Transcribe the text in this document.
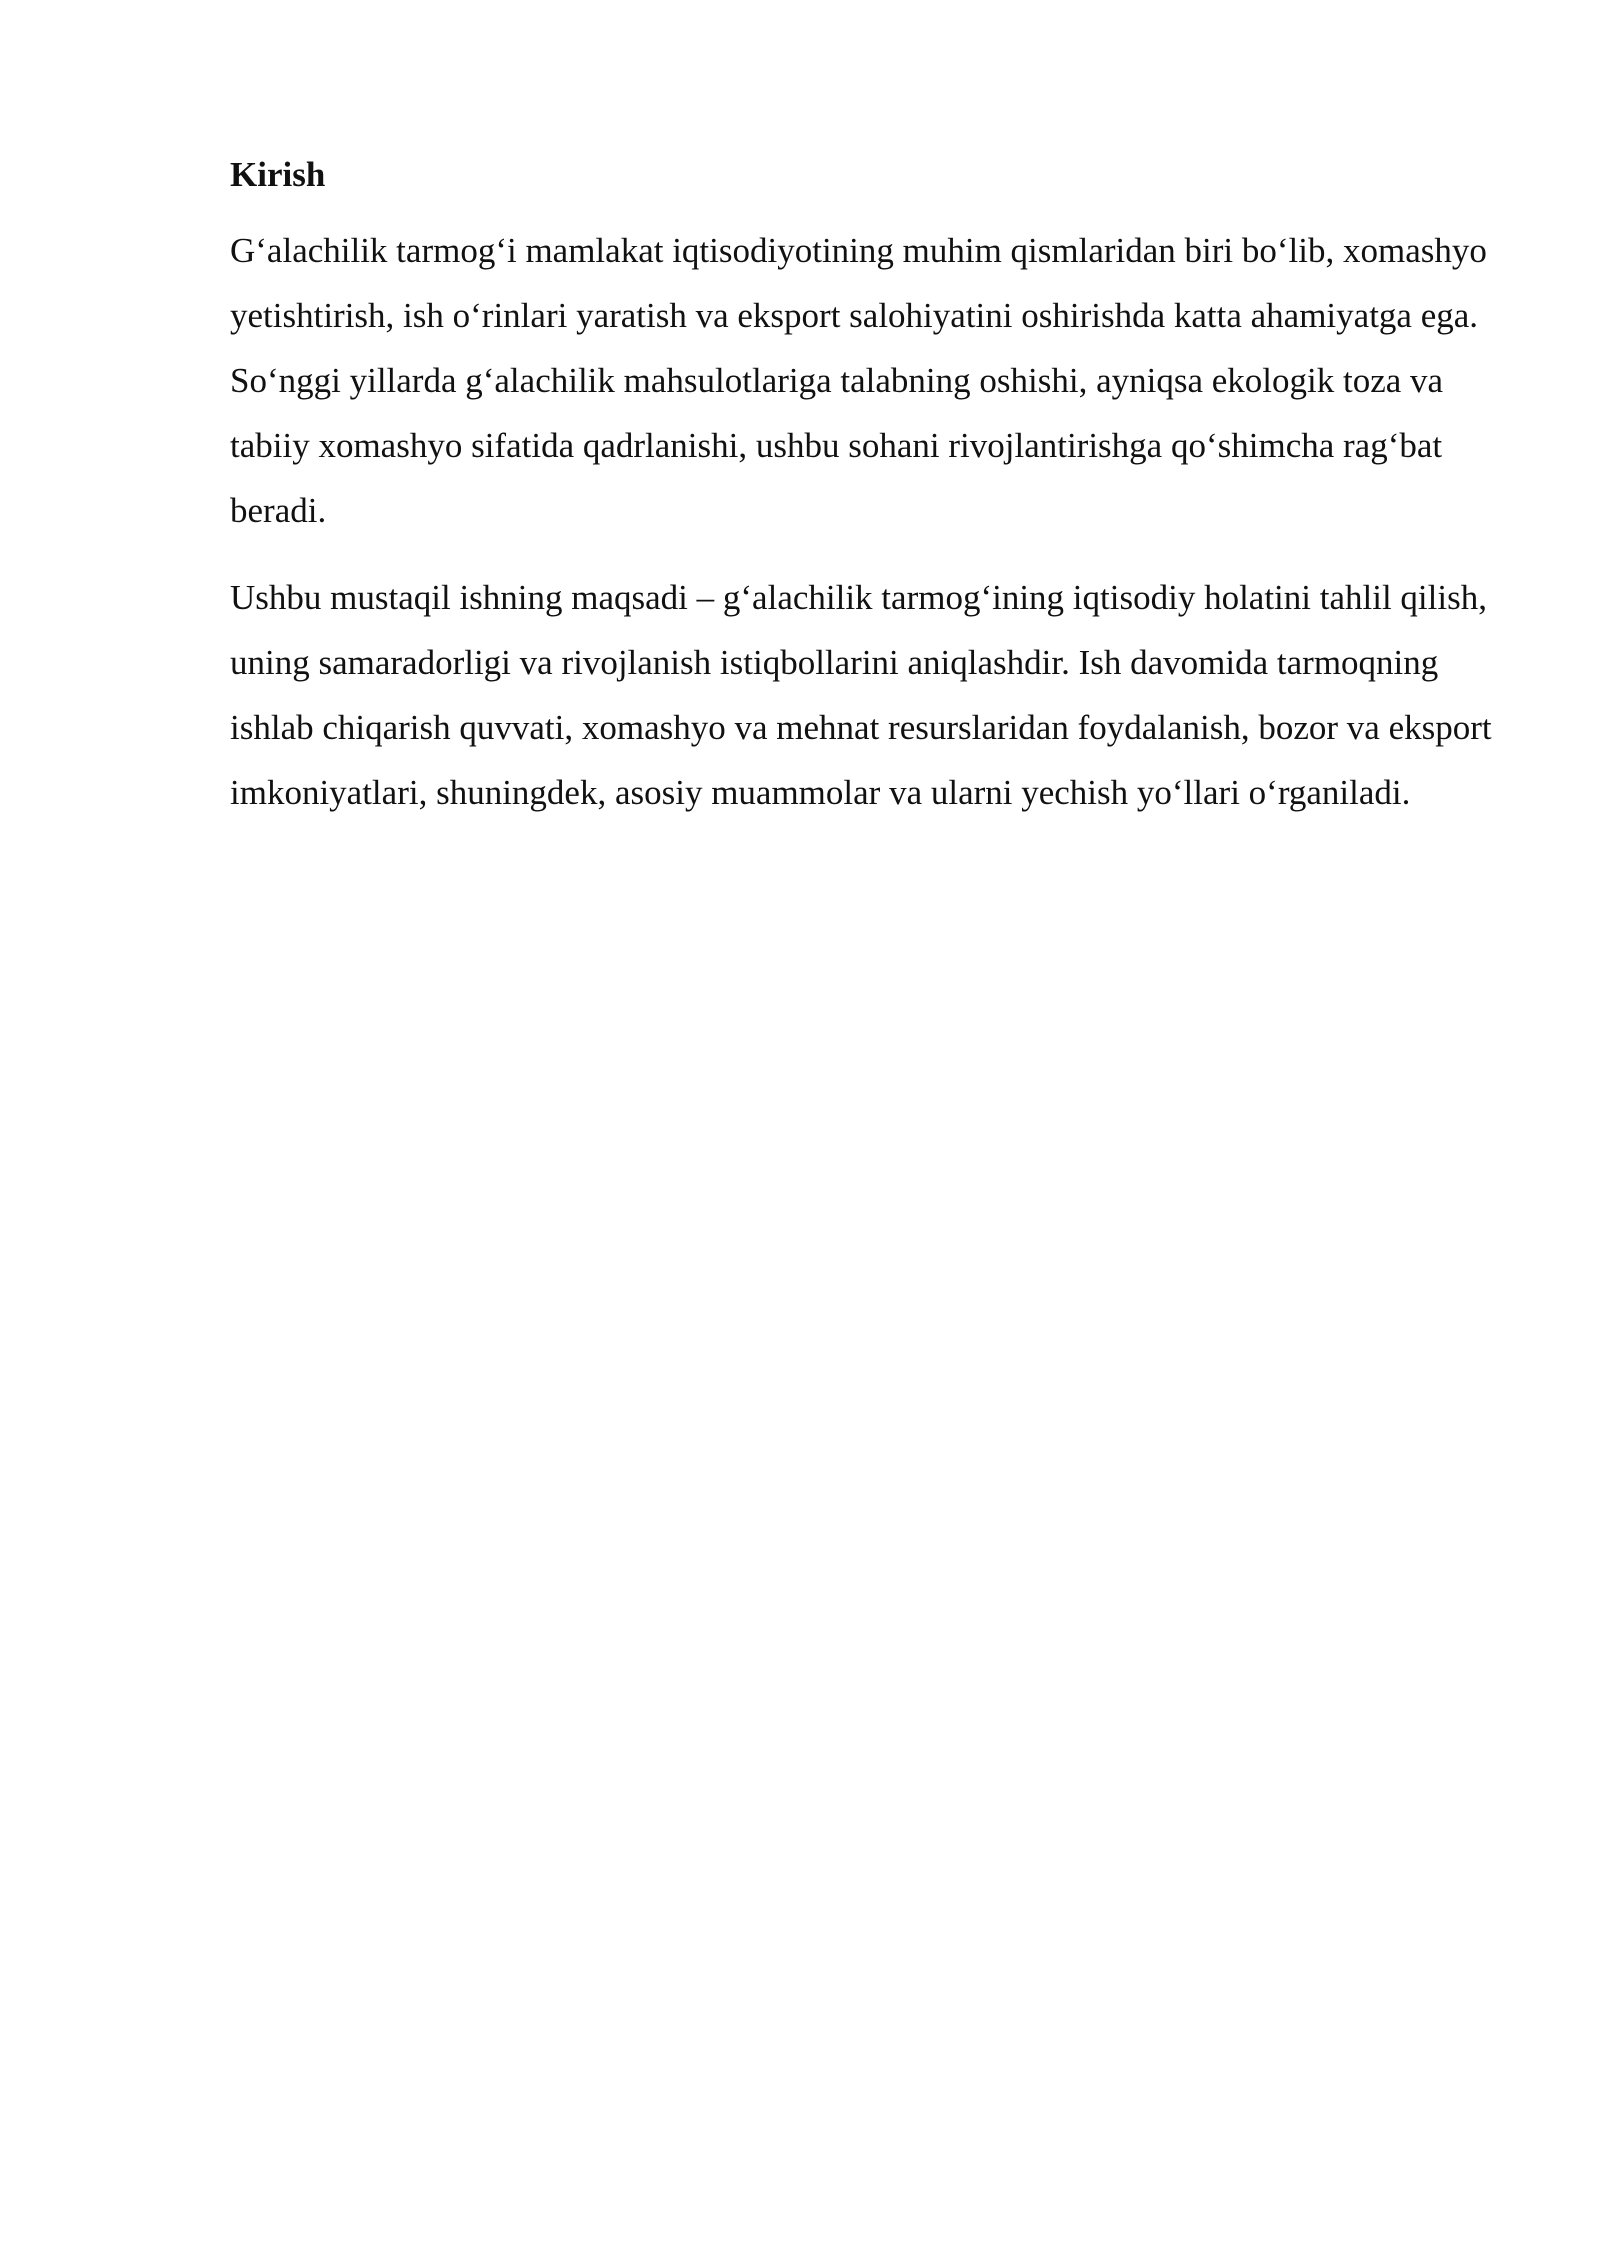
Kirish

G‘alachilik tarmog‘i mamlakat iqtisodiyotining muhim qismlaridan biri bo‘lib, xomashyo yetishtirish, ish o‘rinlari yaratish va eksport salohiyatini oshirishda katta ahamiyatga ega. So‘nggi yillarda g‘alachilik mahsulotlariga talabning oshishi, ayniqsa ekologik toza va tabiiy xomashyo sifatida qadrlanishi, ushbu sohani rivojlantirishga qo‘shimcha rag‘bat beradi.

Ushbu mustaqil ishning maqsadi – g‘alachilik tarmog‘ining iqtisodiy holatini tahlil qilish, uning samaradorligi va rivojlanish istiqbollarini aniqlashdir. Ish davomida tarmoqning ishlab chiqarish quvvati, xomashyo va mehnat resurslaridan foydalanish, bozor va eksport imkoniyatlari, shuningdek, asosiy muammolar va ularni yechish yo‘llari o‘rganiladi.
